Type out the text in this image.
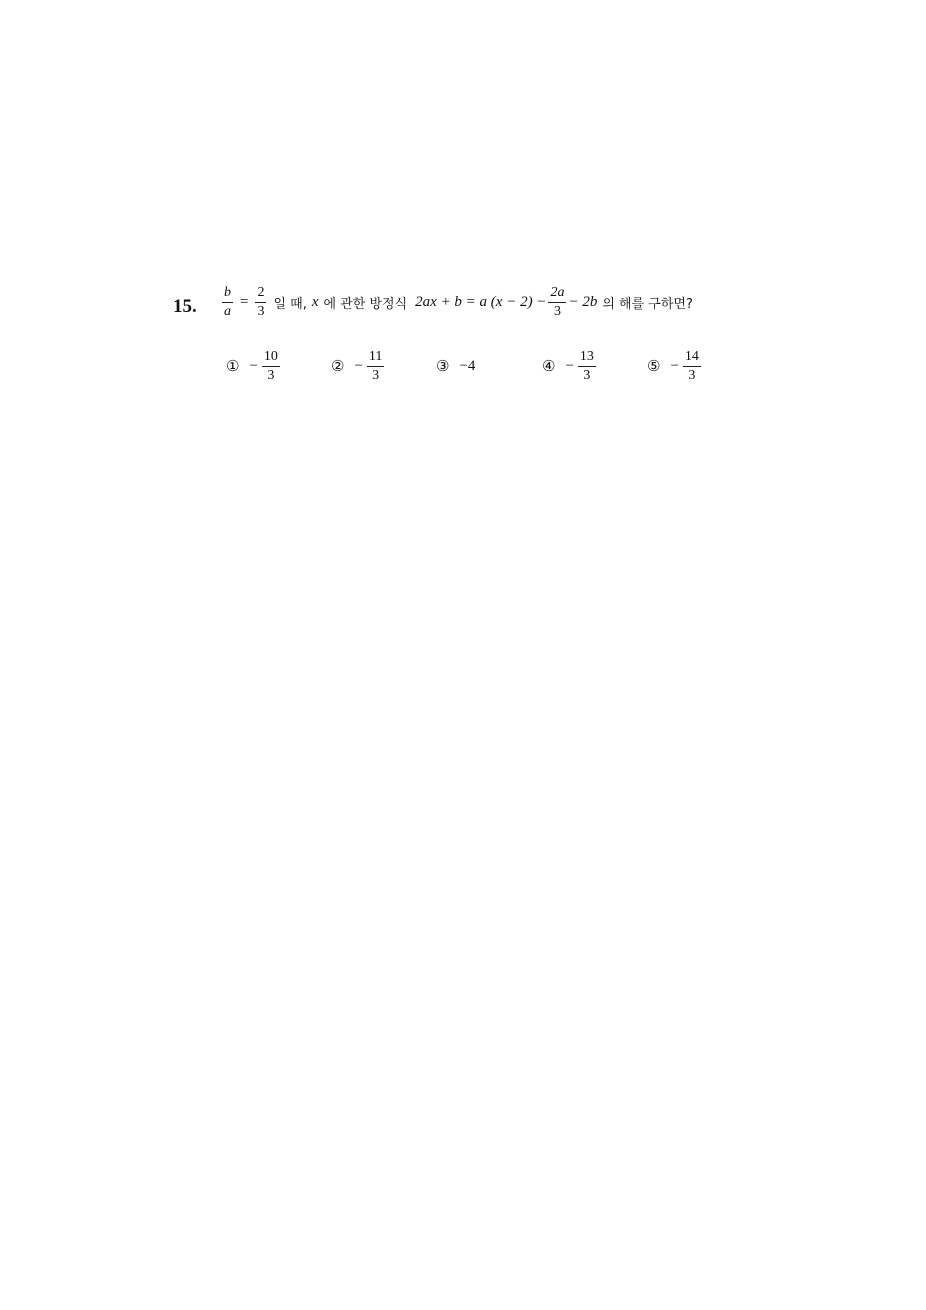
15. $\frac{b}{a} = \frac{2}{3}$ 일 때, x 에 관한 방정식 2ax + b = a $(x - 2) - \frac{2a}{3} - 2b$ 의 해를 구하면?
① − $\frac{10}{3}$	② − $\frac{11}{3}$	③ −4	④ − $\frac{13}{3}$	⑤ − $\frac{14}{3}$
